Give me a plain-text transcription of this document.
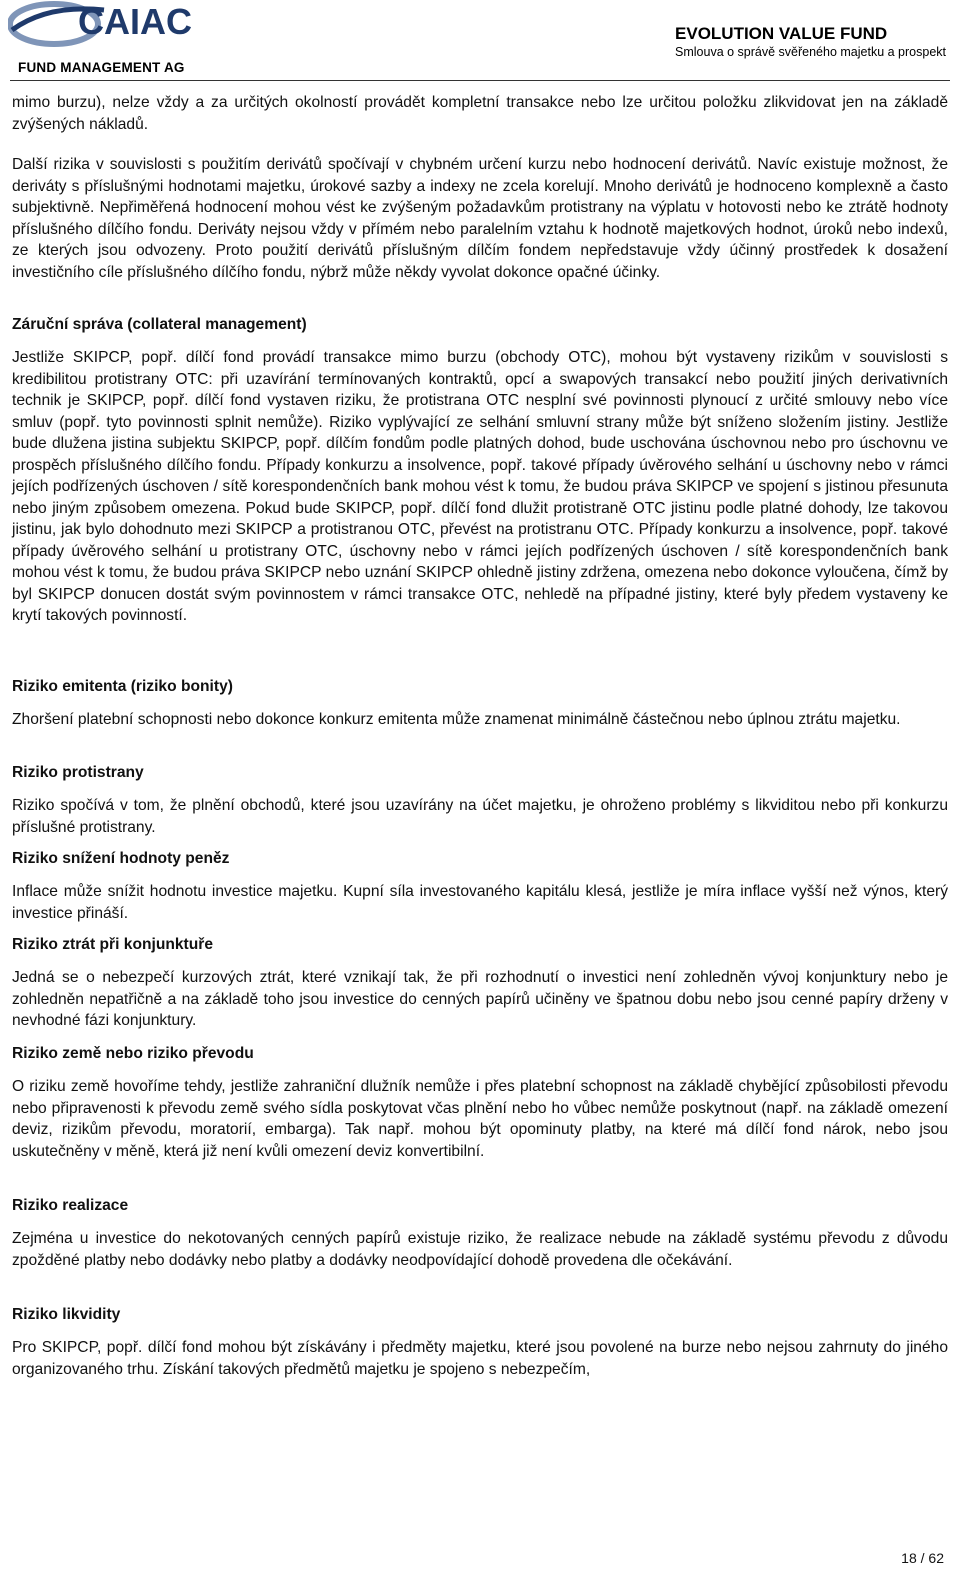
CAIAC
FUND MANAGEMENT AG
EVOLUTION VALUE FUND
Smlouva o správě svěřeného majetku a prospekt

mimo burzu), nelze vždy a za určitých okolností provádět kompletní transakce nebo lze určitou položku zlikvidovat jen na základě zvýšených nákladů.

Další rizika v souvislosti s použitím derivátů spočívají v chybném určení kurzu nebo hodnocení derivátů. Navíc existuje možnost, že deriváty s příslušnými hodnotami majetku, úrokové sazby a indexy ne zcela korelují. Mnoho derivátů je hodnoceno komplexně a často subjektivně. Nepřiměřená hodnocení mohou vést ke zvýšeným požadavkům protistrany na výplatu v hotovosti nebo ke ztrátě hodnoty příslušného dílčího fondu. Deriváty nejsou vždy v přímém nebo paralelním vztahu k hodnotě majetkových hodnot, úroků nebo indexů, ze kterých jsou odvozeny. Proto použití derivátů příslušným dílčím fondem nepředstavuje vždy účinný prostředek k dosažení investičního cíle příslušného dílčího fondu, nýbrž může někdy vyvolat dokonce opačné účinky.

Záruční správa (collateral management)

Jestliže SKIPCP, popř. dílčí fond provádí transakce mimo burzu (obchody OTC), mohou být vystaveny rizikům v souvislosti s kredibilitou protistrany OTC: při uzavírání termínovaných kontraktů, opcí a swapových transakcí nebo použití jiných derivativních technik je SKIPCP, popř. dílčí fond vystaven riziku, že protistrana OTC nesplní své povinnosti plynoucí z určité smlouvy nebo více smluv (popř. tyto povinnosti splnit nemůže). Riziko vyplývající ze selhání smluvní strany může být sníženo složením jistiny. Jestliže bude dlužena jistina subjektu SKIPCP, popř. dílčím fondům podle platných dohod, bude uschována úschovnou nebo pro úschovnu ve prospěch příslušného dílčího fondu. Případy konkurzu a insolvence, popř. takové případy úvěrového selhání u úschovny nebo v rámci jejích podřízených úschoven / sítě korespondenčních bank mohou vést k tomu, že budou práva SKIPCP ve spojení s jistinou přesunuta nebo jiným způsobem omezena. Pokud bude SKIPCP, popř. dílčí fond dlužit protistraně OTC jistinu podle platné dohody, lze takovou jistinu, jak bylo dohodnuto mezi SKIPCP a protistranou OTC, převést na protistranu OTC. Případy konkurzu a insolvence, popř. takové případy úvěrového selhání u protistrany OTC, úschovny nebo v rámci jejích podřízených úschoven / sítě korespondenčních bank mohou vést k tomu, že budou práva SKIPCP nebo uznání SKIPCP ohledně jistiny zdržena, omezena nebo dokonce vyloučena, čímž by byl SKIPCP donucen dostát svým povinnostem v rámci transakce OTC, nehledě na případné jistiny, které byly předem vystaveny ke krytí takových povinností.

Riziko emitenta (riziko bonity)

Zhoršení platební schopnosti nebo dokonce konkurz emitenta může znamenat minimálně částečnou nebo úplnou ztrátu majetku.

Riziko protistrany

Riziko spočívá v tom, že plnění obchodů, které jsou uzavírány na účet majetku, je ohroženo problémy s likviditou nebo při konkurzu příslušné protistrany.

Riziko snížení hodnoty peněz

Inflace může snížit hodnotu investice majetku. Kupní síla investovaného kapitálu klesá, jestliže je míra inflace vyšší než výnos, který investice přináší.

Riziko ztrát při konjunktuře

Jedná se o nebezpečí kurzových ztrát, které vznikají tak, že při rozhodnutí o investici není zohledněn vývoj konjunktury nebo je zohledněn nepatřičně a na základě toho jsou investice do cenných papírů učiněny ve špatnou dobu nebo jsou cenné papíry drženy v nevhodné fázi konjunktury.

Riziko země nebo riziko převodu

O riziku země hovoříme tehdy, jestliže zahraniční dlužník nemůže i přes platební schopnost na základě chybějící způsobilosti převodu nebo připravenosti k převodu země svého sídla poskytovat včas plnění nebo ho vůbec nemůže poskytnout (např. na základě omezení deviz, rizikům převodu, moratorií, embarga). Tak např. mohou být opominuty platby, na které má dílčí fond nárok, nebo jsou uskutečněny v měně, která již není kvůli omezení deviz konvertibilní.

Riziko realizace

Zejména u investice do nekotovaných cenných papírů existuje riziko, že realizace nebude na základě systému převodu z důvodu zpožděné platby nebo dodávky nebo platby a dodávky neodpovídající dohodě provedena dle očekávání.

Riziko likvidity

Pro SKIPCP, popř. dílčí fond mohou být získávány i předměty majetku, které jsou povolené na burze nebo nejsou zahrnuty do jiného organizovaného trhu. Získání takových předmětů majetku je spojeno s nebezpečím,

18 / 62
